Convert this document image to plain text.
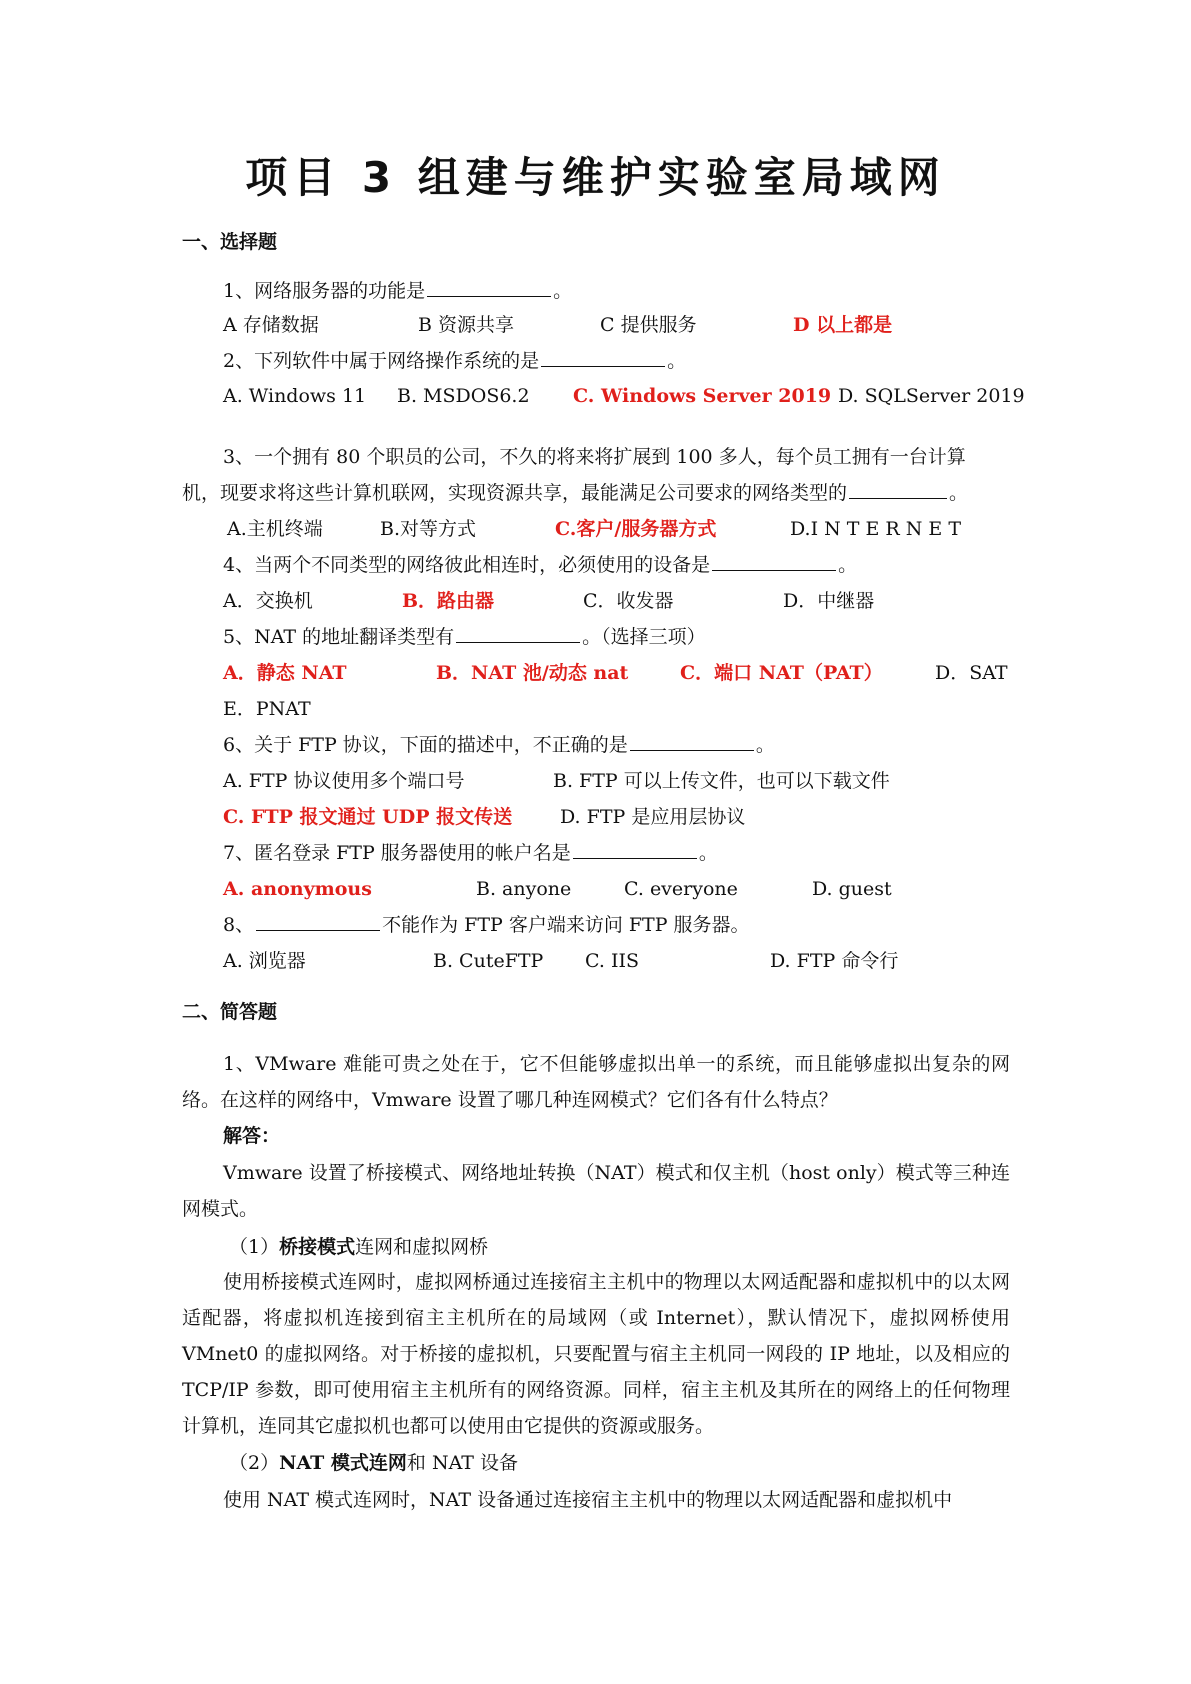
项目 3 组建与维护实验室局域网
一、选择题
1、网络服务器的功能是	。
A 存储数据	B 资源共享	C 提供服务	D 以上都是
2、下列软件中属于网络操作系统的是	。
A. Windows 11 B. MSDOS6.2 C. Windows Server 2019 D. SQLServer 2019
3、一个拥有 80 个职员的公司，不久的将来将扩展到 100 多人，每个员工拥有一台计算
机，现要求将这些计算机联网，实现资源共享，最能满足公司要求的网络类型的	。
A.主机终端	B.对等方式	C.客户/服务器方式	D.I N T E R N E T
4、当两个不同类型的网络彼此相连时，必须使用的设备是	。
A．交换机	B．路由器	C．收发器	D．中继器
5、NAT 的地址翻译类型有	。（选择三项）
A．静态 NAT	B．NAT 池/动态 nat	C．端口 NAT（PAT）	D．SAT
E．PNAT
6、关于 FTP 协议，下面的描述中，不正确的是	。
A. FTP 协议使用多个端口号	B. FTP 可以上传文件，也可以下载文件
C. FTP 报文通过 UDP 报文传送	D. FTP 是应用层协议
7、匿名登录 FTP 服务器使用的帐户名是	。
A. anonymous	B. anyone	C. everyone	D. guest
8、	不能作为 FTP 客户端来访问 FTP 服务器。
A. 浏览器	B. CuteFTP C. IIS	D. FTP 命令行
二、简答题
1、VMware 难能可贵之处在于，它不但能够虚拟出单一的系统，而且能够虚拟出复杂的网络。在这样的网络中，Vmware 设置了哪几种连网模式？它们各有什么特点？
解答：
Vmware 设置了桥接模式、网络地址转换（NAT）模式和仅主机（host only）模式等三种连网模式。
（1）桥接模式连网和虚拟网桥
使用桥接模式连网时，虚拟网桥通过连接宿主主机中的物理以太网适配器和虚拟机中的以太网适配器，将虚拟机连接到宿主主机所在的局域网（或 Internet），默认情况下，虚拟网桥使用 VMnet0 的虚拟网络。对于桥接的虚拟机，只要配置与宿主主机同一网段的 IP 地址，以及相应的 TCP/IP 参数，即可使用宿主主机所有的网络资源。同样，宿主主机及其所在的网络上的任何物理计算机，连同其它虚拟机也都可以使用由它提供的资源或服务。
（2）NAT 模式连网和 NAT 设备
使用 NAT 模式连网时，NAT 设备通过连接宿主主机中的物理以太网适配器和虚拟机中
